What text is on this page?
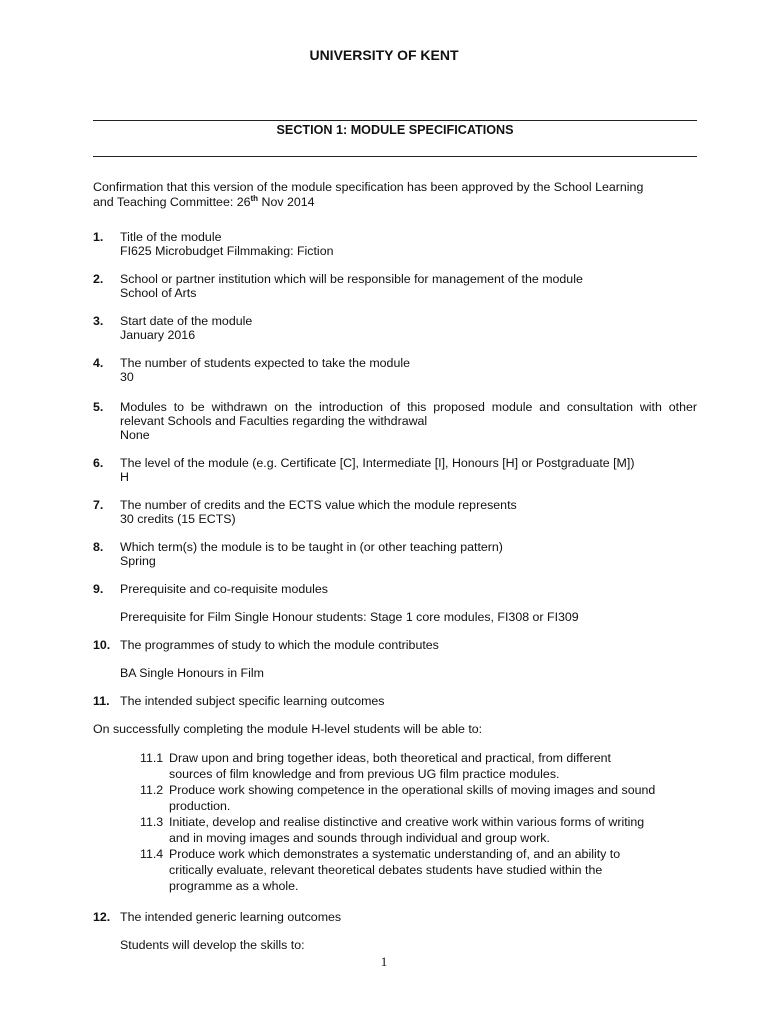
UNIVERSITY OF KENT
SECTION 1: MODULE SPECIFICATIONS
Confirmation that this version of the module specification has been approved by the School Learning
and Teaching Committee: 26th Nov 2014
1. Title of the module
FI625 Microbudget Filmmaking: Fiction
2. School or partner institution which will be responsible for management of the module
School of Arts
3. Start date of the module
January 2016
4. The number of students expected to take the module
30
5. Modules to be withdrawn on the introduction of this proposed module and consultation with other
relevant Schools and Faculties regarding the withdrawal
None
6. The level of the module (e.g. Certificate [C], Intermediate [I], Honours [H] or Postgraduate [M])
H
7. The number of credits and the ECTS value which the module represents
30 credits (15 ECTS)
8. Which term(s) the module is to be taught in (or other teaching pattern)
Spring
9. Prerequisite and co-requisite modules
Prerequisite for Film Single Honour students: Stage 1 core modules, FI308 or FI309
10. The programmes of study to which the module contributes
BA Single Honours in Film
11. The intended subject specific learning outcomes
On successfully completing the module H-level students will be able to:
11.1 Draw upon and bring together ideas, both theoretical and practical, from different
sources of film knowledge and from previous UG film practice modules.
11.2 Produce work showing competence in the operational skills of moving images and sound
production.
11.3 Initiate, develop and realise distinctive and creative work within various forms of writing
and in moving images and sounds through individual and group work.
11.4 Produce work which demonstrates a systematic understanding of, and an ability to
critically evaluate, relevant theoretical debates students have studied within the
programme as a whole.
12. The intended generic learning outcomes
Students will develop the skills to:
1
